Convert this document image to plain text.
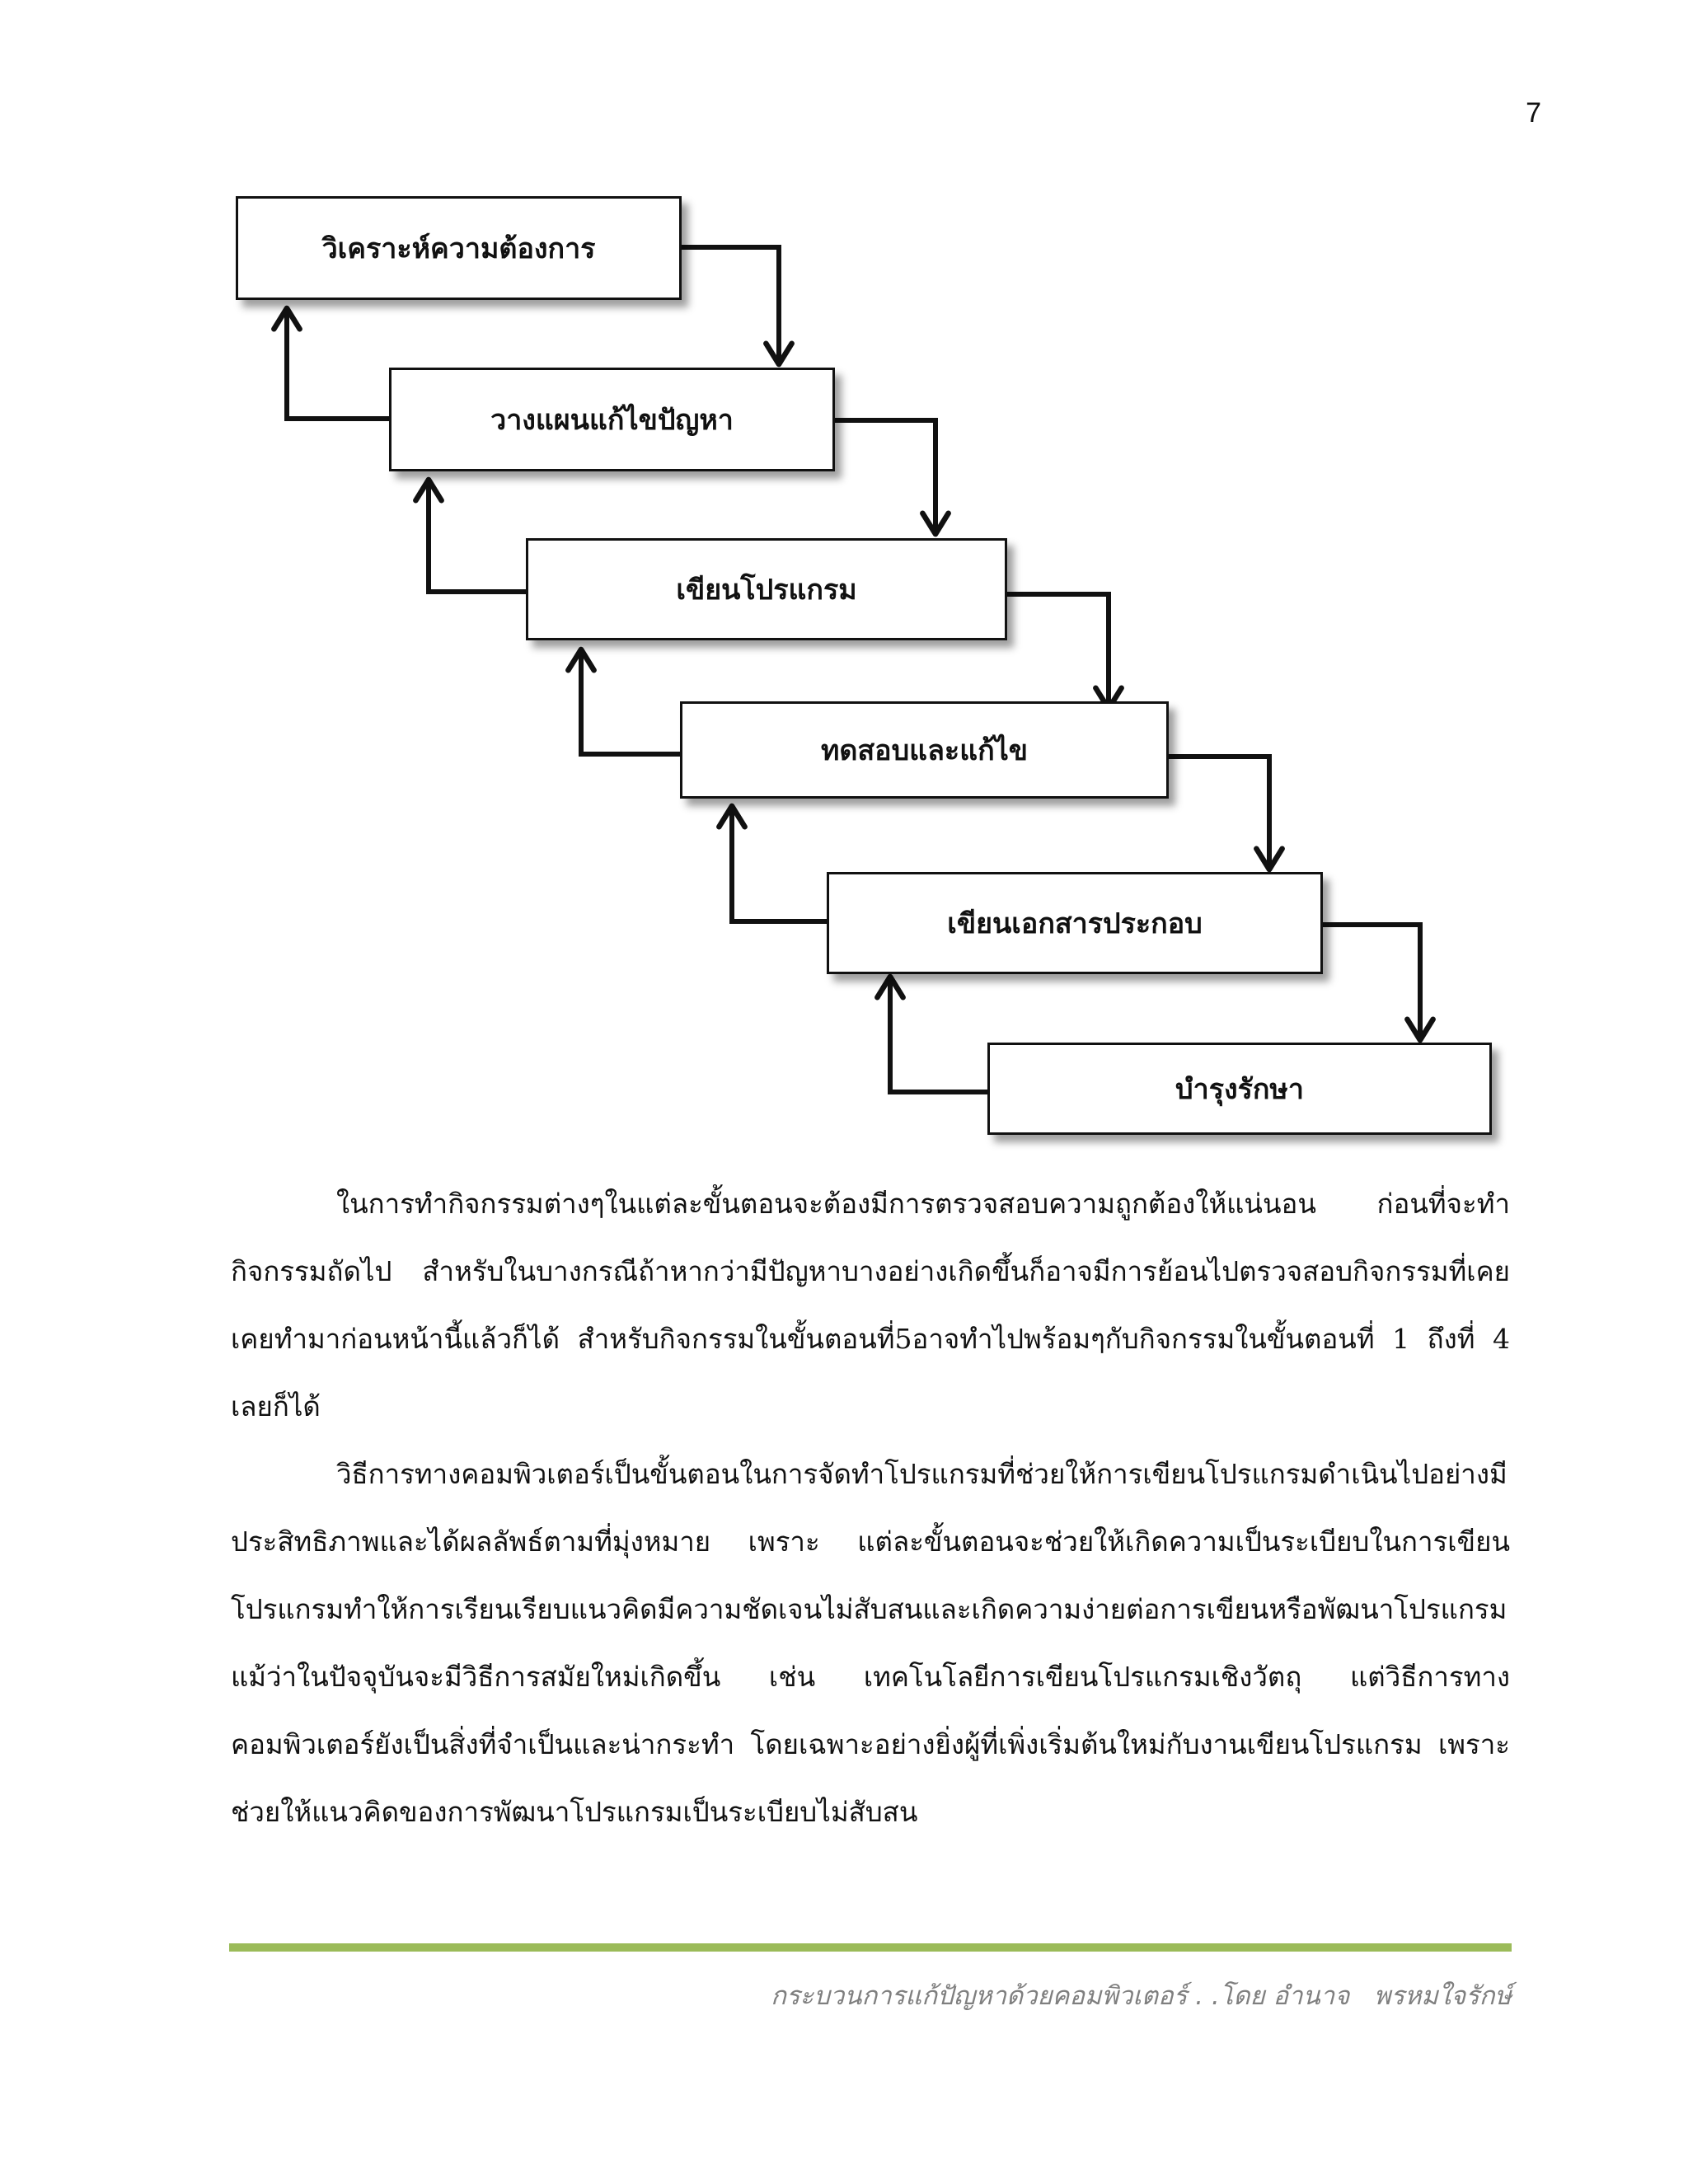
7
วิเคราะห์ความต้องการ
วางแผนแก้ไขปัญหา
เขียนโปรแกรม
ทดสอบและแก้ไข
เขียนเอกสารประกอบ
บำรุงรักษา

ในการทำกิจกรรมต่างๆในแต่ละขั้นตอนจะต้องมีการตรวจสอบความถูกต้องให้แน่นอน ก่อนที่จะทำกิจกรรมถัดไป สำหรับในบางกรณีถ้าหากว่ามีปัญหาบางอย่างเกิดขึ้นก็อาจมีการย้อนไปตรวจสอบกิจกรรมที่เคยเคยทำมาก่อนหน้านี้แล้วก็ได้ สำหรับกิจกรรมในขั้นตอนที่5อาจทำไปพร้อมๆกับกิจกรรมในขั้นตอนที่ 1 ถึงที่ 4 เลยก็ได้

วิธีการทางคอมพิวเตอร์เป็นขั้นตอนในการจัดทำโปรแกรมที่ช่วยให้การเขียนโปรแกรมดำเนินไปอย่างมีประสิทธิภาพและได้ผลลัพธ์ตามที่มุ่งหมาย เพราะ แต่ละขั้นตอนจะช่วยให้เกิดความเป็นระเบียบในการเขียนโปรแกรมทำให้การเรียนเรียบแนวคิดมีความชัดเจนไม่สับสนและเกิดความง่ายต่อการเขียนหรือพัฒนาโปรแกรม แม้ว่าในปัจจุบันจะมีวิธีการสมัยใหม่เกิดขึ้น เช่น เทคโนโลยีการเขียนโปรแกรมเชิงวัตถุ แต่วิธีการทางคอมพิวเตอร์ยังเป็นสิ่งที่จำเป็นและน่ากระทำ โดยเฉพาะอย่างยิ่งผู้ที่เพิ่งเริ่มต้นใหม่กับงานเขียนโปรแกรม เพราะช่วยให้แนวคิดของการพัฒนาโปรแกรมเป็นระเบียบไม่สับสน

กระบวนการแก้ปัญหาด้วยคอมพิวเตอร์ . .โดย อำนาจ   พรหมใจรักษ์
